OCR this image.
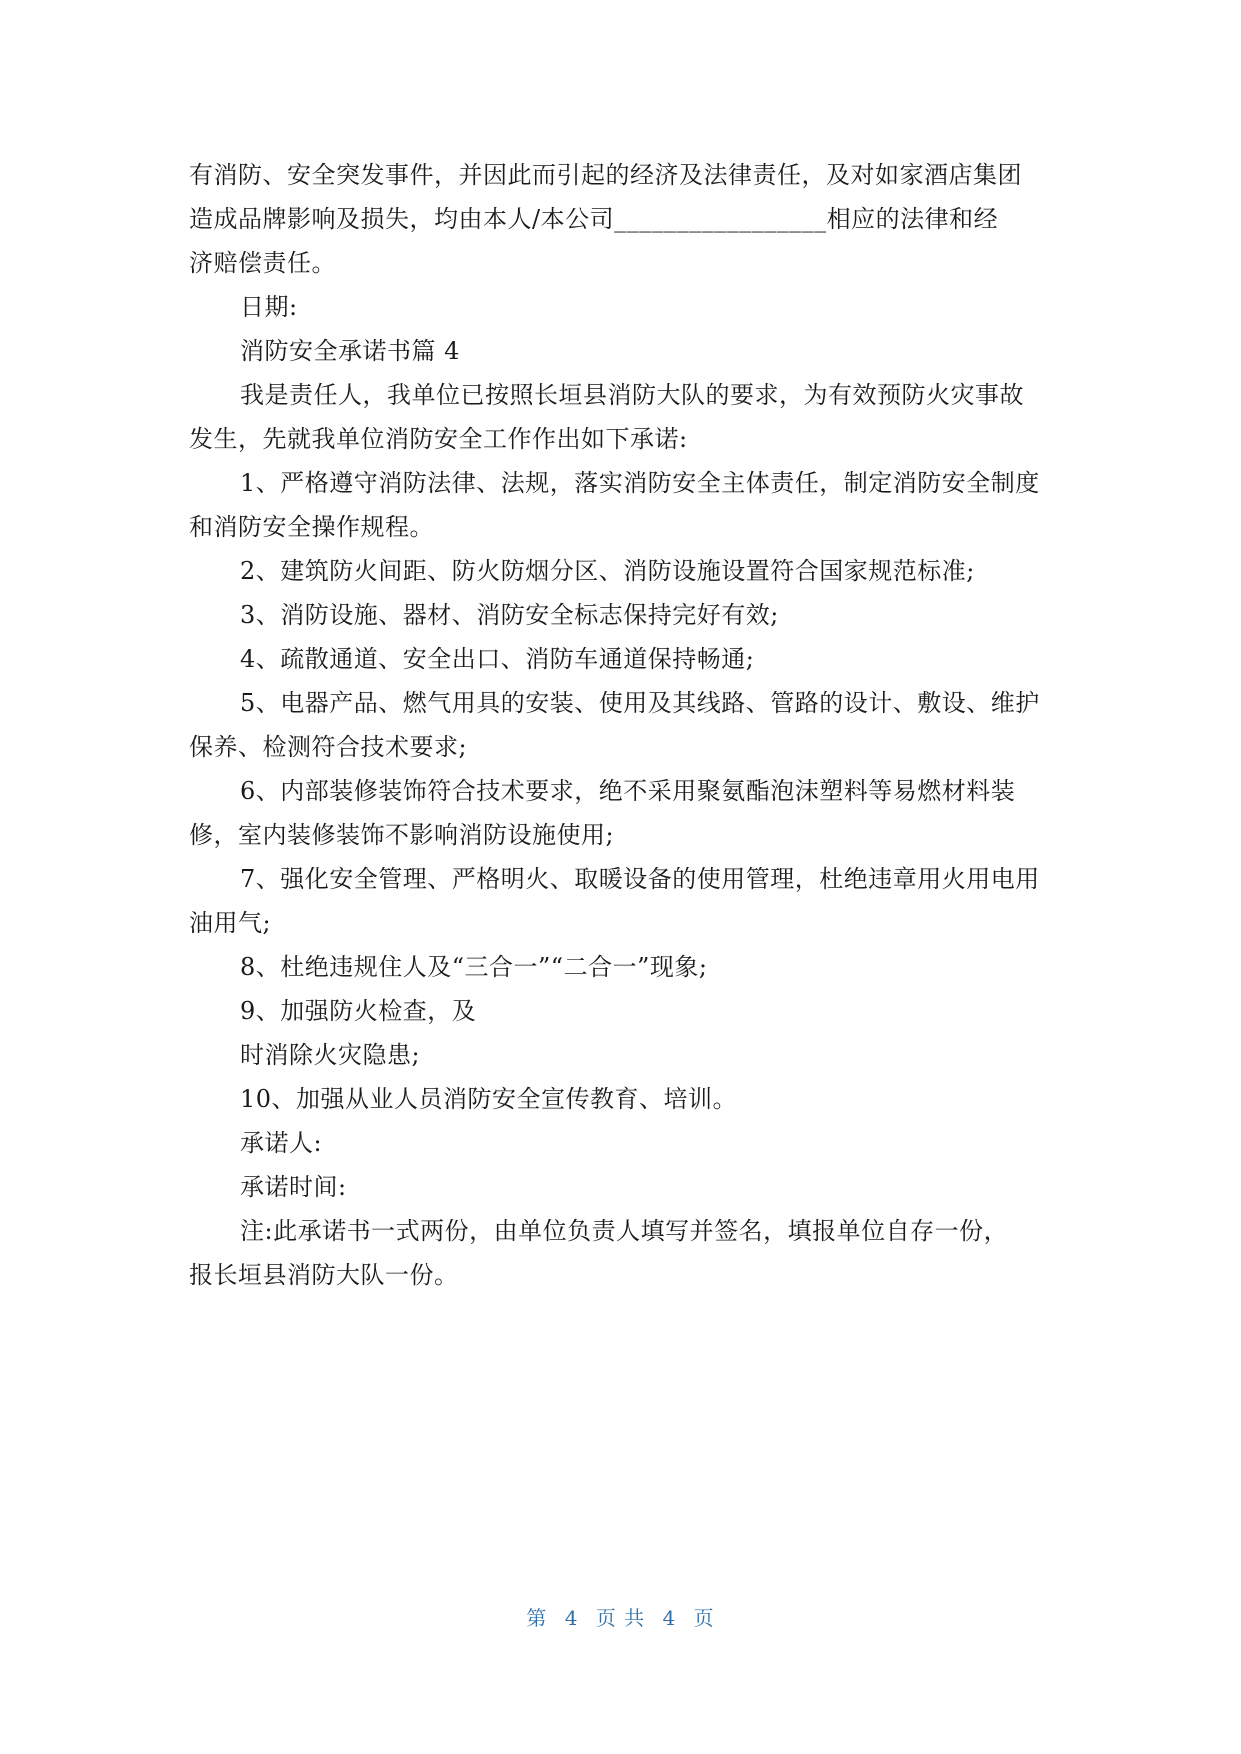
有消防、安全突发事件，并因此而引起的经济及法律责任，及对如家酒店集团
造成品牌影响及损失，均由本人/本公司_________________相应的法律和经
济赔偿责任。
日期:
消防安全承诺书篇 4
我是责任人，我单位已按照长垣县消防大队的要求，为有效预防火灾事故
发生，先就我单位消防安全工作作出如下承诺:
1、严格遵守消防法律、法规，落实消防安全主体责任，制定消防安全制度
和消防安全操作规程。
2、建筑防火间距、防火防烟分区、消防设施设置符合国家规范标准;
3、消防设施、器材、消防安全标志保持完好有效;
4、疏散通道、安全出口、消防车通道保持畅通;
5、电器产品、燃气用具的安装、使用及其线路、管路的设计、敷设、维护
保养、检测符合技术要求;
6、内部装修装饰符合技术要求，绝不采用聚氨酯泡沫塑料等易燃材料装
修，室内装修装饰不影响消防设施使用;
7、强化安全管理、严格明火、取暖设备的使用管理，杜绝违章用火用电用
油用气;
8、杜绝违规住人及“三合一”“二合一”现象;
9、加强防火检查，及
时消除火灾隐患;
10、加强从业人员消防安全宣传教育、培训。
承诺人:
承诺时间:
注:此承诺书一式两份，由单位负责人填写并签名，填报单位自存一份，
报长垣县消防大队一份。
第 4 页 共 4 页
